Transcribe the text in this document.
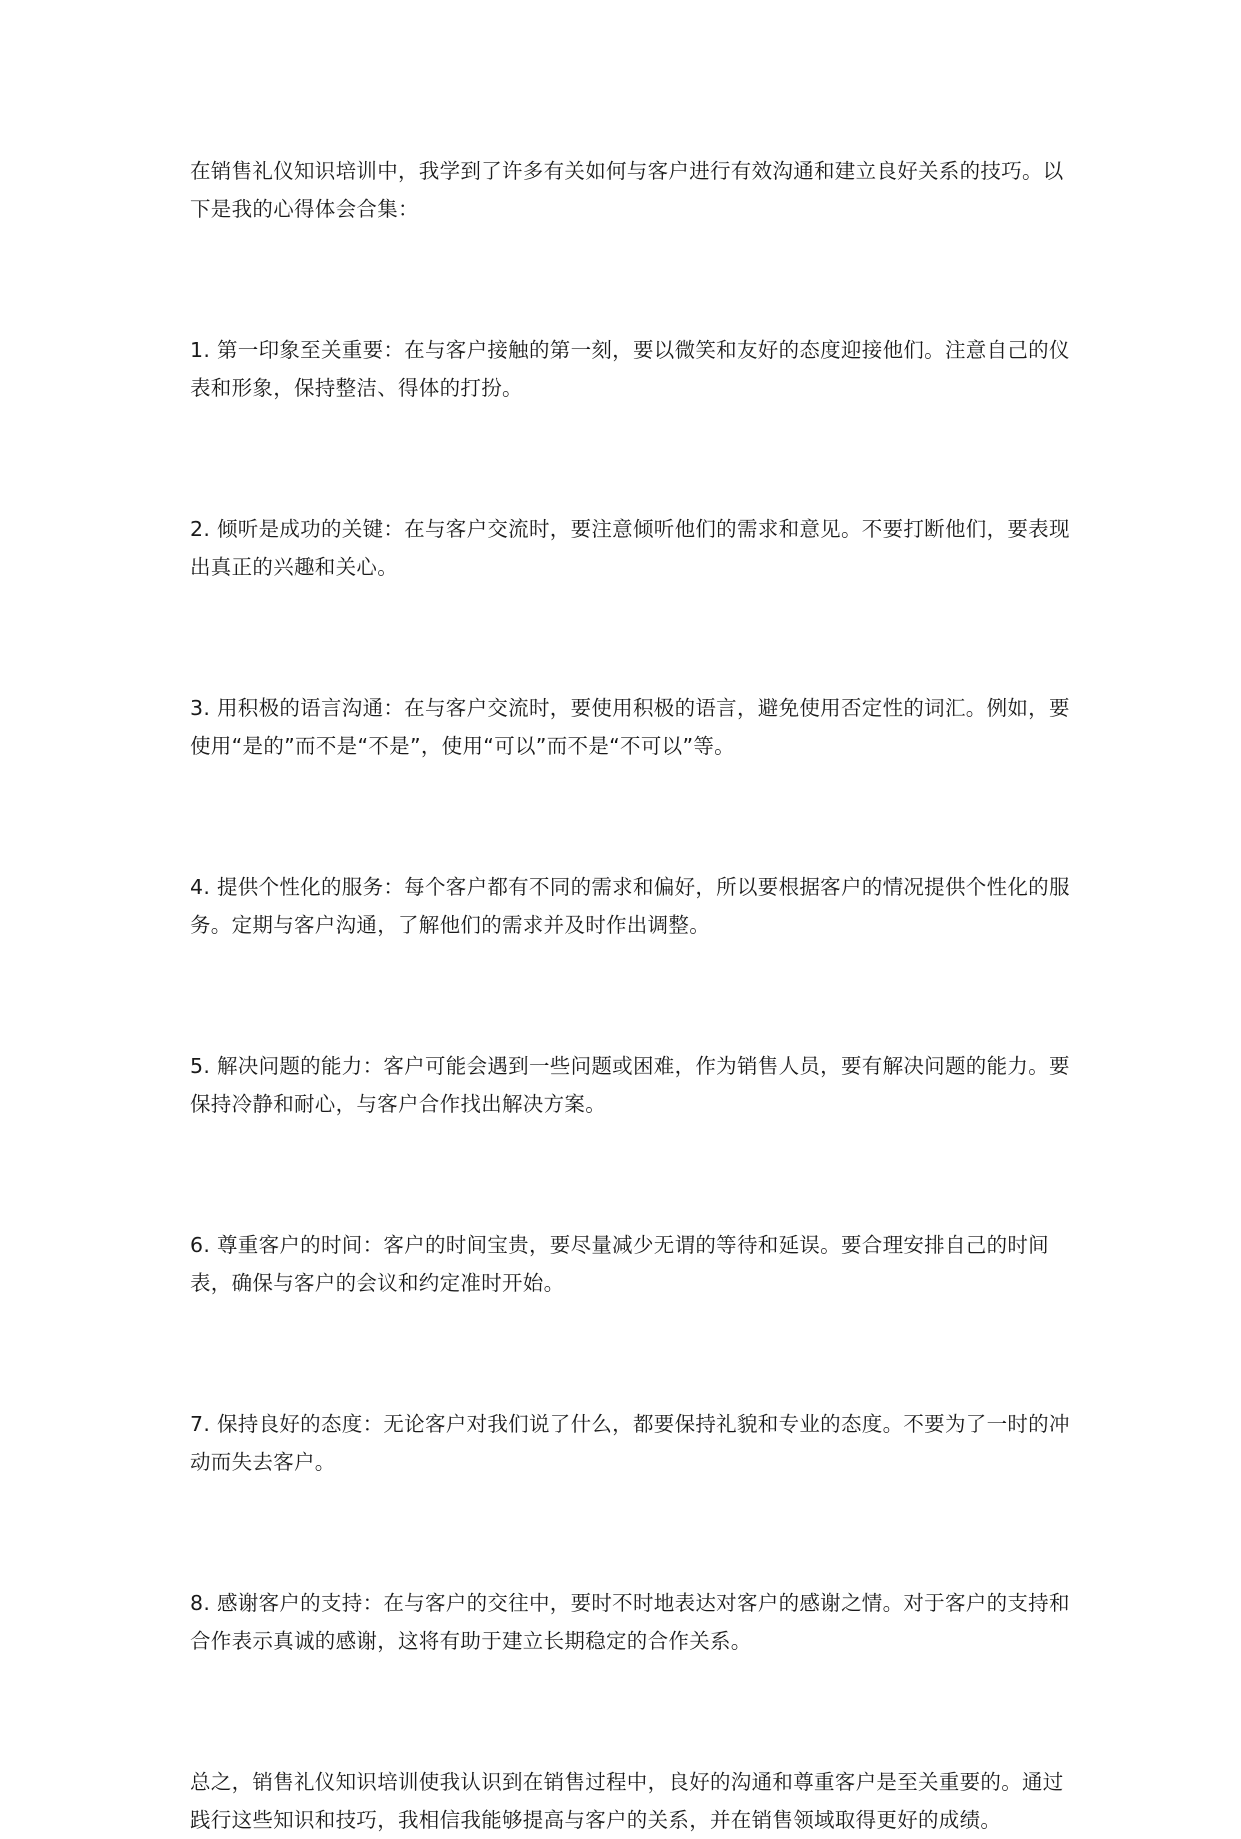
在销售礼仪知识培训中，我学到了许多有关如何与客户进行有效沟通和建立良好关系的技巧。以下是我的心得体会合集：

1. 第一印象至关重要：在与客户接触的第一刻，要以微笑和友好的态度迎接他们。注意自己的仪表和形象，保持整洁、得体的打扮。

2. 倾听是成功的关键：在与客户交流时，要注意倾听他们的需求和意见。不要打断他们，要表现出真正的兴趣和关心。

3. 用积极的语言沟通：在与客户交流时，要使用积极的语言，避免使用否定性的词汇。例如，要使用“是的”而不是“不是”，使用“可以”而不是“不可以”等。

4. 提供个性化的服务：每个客户都有不同的需求和偏好，所以要根据客户的情况提供个性化的服务。定期与客户沟通，了解他们的需求并及时作出调整。

5. 解决问题的能力：客户可能会遇到一些问题或困难，作为销售人员，要有解决问题的能力。要保持冷静和耐心，与客户合作找出解决方案。

6. 尊重客户的时间：客户的时间宝贵，要尽量减少无谓的等待和延误。要合理安排自己的时间表，确保与客户的会议和约定准时开始。

7. 保持良好的态度：无论客户对我们说了什么，都要保持礼貌和专业的态度。不要为了一时的冲动而失去客户。

8. 感谢客户的支持：在与客户的交往中，要时不时地表达对客户的感谢之情。对于客户的支持和合作表示真诚的感谢，这将有助于建立长期稳定的合作关系。

总之，销售礼仪知识培训使我认识到在销售过程中，良好的沟通和尊重客户是至关重要的。通过践行这些知识和技巧，我相信我能够提高与客户的关系，并在销售领域取得更好的成绩。
